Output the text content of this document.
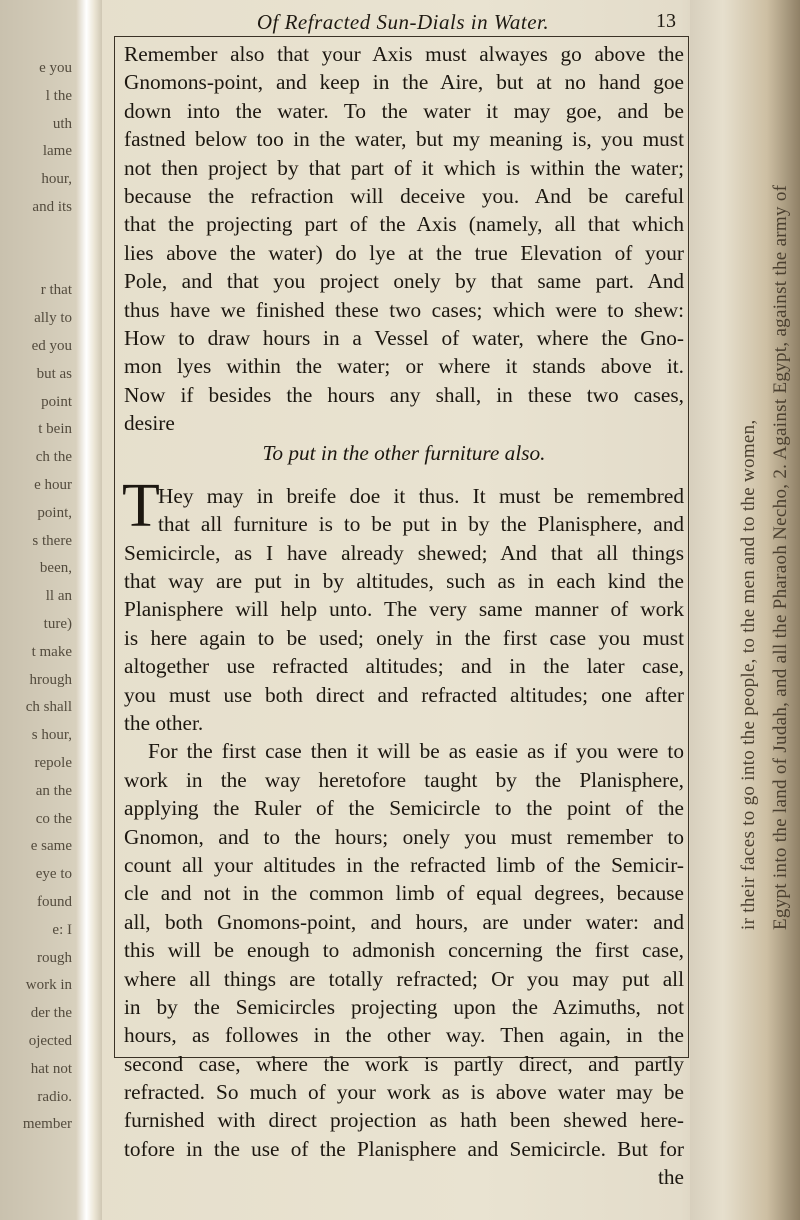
e you
l the
uth
lame
hour,
and its
r that
ally to
ed you
but as
point
t bein
ch the
e hour
point,
s there
been,
ll an
ture)
t make
hrough
ch shall
s hour,
repole
an the
co the
e same
eye to
found
e: I
rough
work in
der the
ojected
hat not
radio.
member
ir their faces to go into the people, to the men and to the women, Egypt into the land of Judah, and all the Pharaoh Necho, 2. Against Egypt, against the army of
Of Refracted Sun-Dials in Water.	13
Remember also that your Axis must alwayes go above the
Gnomons-point, and keep in the Aire, but at no hand goe
down into the water. To the water it may goe, and be
fastned below too in the water, but my meaning is, you must
not then project by that part of it which is within the water;
because the refraction will deceive you. And be careful
that the projecting part of the Axis (namely, all that which
lies above the water) do lye at the true Elevation of your
Pole, and that you project onely by that same part. And
thus have we finished these two cases; which were to shew:
How to draw hours in a Vessel of water, where the Gno-
mon lyes within the water; or where it stands above it.
Now if besides the hours any shall, in these two cases,
desire
To put in the other furniture also.
T
Hey may in breife doe it thus. It must be remembred
that all furniture is to be put in by the Planisphere, and
Semicircle, as I have already shewed; And that all things
that way are put in by altitudes, such as in each kind the
Planisphere will help unto. The very same manner of work
is here again to be used; onely in the first case you must
altogether use refracted altitudes; and in the later case,
you must use both direct and refracted altitudes; one after
the other.
For the first case then it will be as easie as if you were to
work in the way heretofore taught by the Planisphere,
applying the Ruler of the Semicircle to the point of the
Gnomon, and to the hours; onely you must remember to
count all your altitudes in the refracted limb of the Semicir-
cle and not in the common limb of equal degrees, because
all, both Gnomons-point, and hours, are under water: and
this will be enough to admonish concerning the first case,
where all things are totally refracted; Or you may put all
in by the Semicircles projecting upon the Azimuths, not
hours, as followes in the other way. Then again, in the
second case, where the work is partly direct, and partly
refracted. So much of your work as is above water may be
furnished with direct projection as hath been shewed here-
tofore in the use of the Planisphere and Semicircle. But for
the
